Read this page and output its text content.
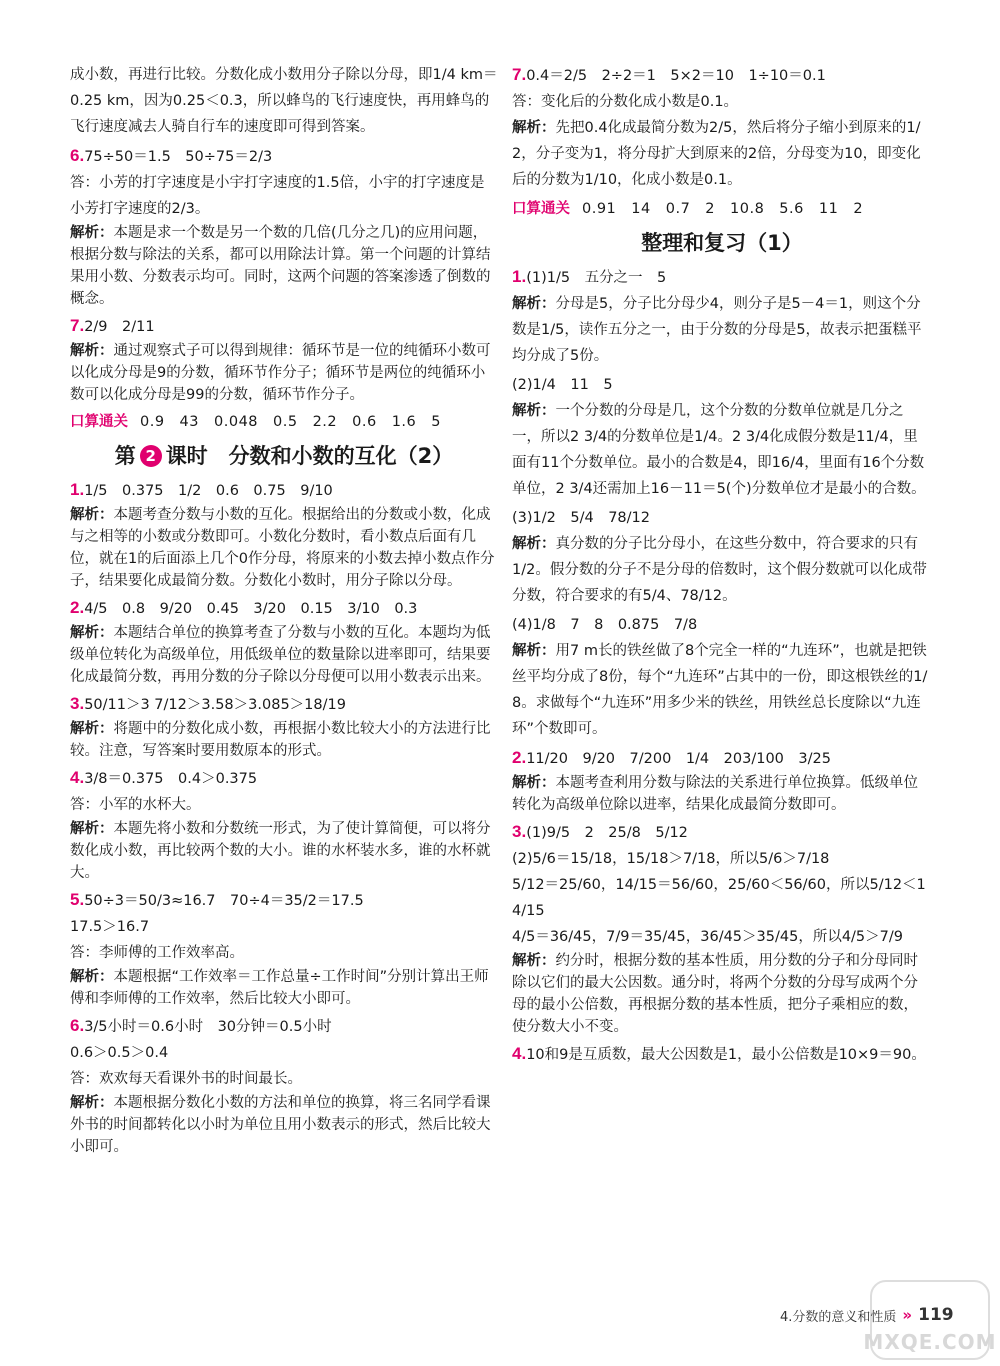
成小数，再进行比较。分数化成小数用分子除以分母，即1/4 km＝0.25 km，因为0.25＜0.3，所以蜂鸟的飞行速度快，再用蜂鸟的飞行速度减去人骑自行车的速度即可得到答案。

6.75÷50＝1.5　50÷75＝2/3

答：小芳的打字速度是小宇打字速度的1.5倍，小宇的打字速度是小芳打字速度的2/3。

解析：本题是求一个数是另一个数的几倍(几分之几)的应用问题，根据分数与除法的关系，都可以用除法计算。第一个问题的计算结果用小数、分数表示均可。同时，这两个问题的答案渗透了倒数的概念。

7.2/9　2/11

解析：通过观察式子可以得到规律：循环节是一位的纯循环小数可以化成分母是9的分数，循环节作分子；循环节是两位的纯循环小数可以化成分母是99的分数，循环节作分子。

口算通关 0.9　43　0.048　0.5　2.2　0.6　1.6　5
第 2 课时　分数和小数的互化（2）

1.1/5　0.375　1/2　0.6　0.75　9/10

解析：本题考查分数与小数的互化。根据给出的分数或小数，化成与之相等的小数或分数即可。小数化分数时，看小数点后面有几位，就在1的后面添上几个0作分母，将原来的小数去掉小数点作分子，结果要化成最简分数。分数化小数时，用分子除以分母。

2.4/5　0.8　9/20　0.45　3/20　0.15　3/10　0.3

解析：本题结合单位的换算考查了分数与小数的互化。本题均为低级单位转化为高级单位，用低级单位的数量除以进率即可，结果要化成最简分数，再用分数的分子除以分母便可以用小数表示出来。

3.50/11＞3 7/12＞3.58＞3.085＞18/19

解析：将题中的分数化成小数，再根据小数比较大小的方法进行比较。注意，写答案时要用数原本的形式。

4.3/8＝0.375　0.4＞0.375

答：小军的水杯大。

解析：本题先将小数和分数统一形式，为了使计算简便，可以将分数化成小数，再比较两个数的大小。谁的水杯装水多，谁的水杯就大。

5.50÷3＝50/3≈16.7　70÷4＝35/2＝17.5

17.5＞16.7

答：李师傅的工作效率高。

解析：本题根据“工作效率＝工作总量÷工作时间”分别计算出王师傅和李师傅的工作效率，然后比较大小即可。

6.3/5小时＝0.6小时　30分钟＝0.5小时

0.6＞0.5＞0.4

答：欢欢每天看课外书的时间最长。

解析：本题根据分数化小数的方法和单位的换算，将三名同学看课外书的时间都转化以小时为单位且用小数表示的形式，然后比较大小即可。

7.0.4＝2/5　2÷2＝1　5×2＝10　1÷10＝0.1

答：变化后的分数化成小数是0.1。

解析：先把0.4化成最简分数为2/5，然后将分子缩小到原来的1/2，分子变为1，将分母扩大到原来的2倍，分母变为10，即变化后的分数为1/10，化成小数是0.1。

口算通关 0.91　14　0.7　2　10.8　5.6　11　2
整理和复习（1）

1.(1)1/5　五分之一　5

解析：分母是5，分子比分母少4，则分子是5－4＝1，则这个分数是1/5，读作五分之一，由于分数的分母是5，故表示把蛋糕平均分成了5份。

(2)1/4　11　5

解析：一个分数的分母是几，这个分数的分数单位就是几分之一，所以2 3/4的分数单位是1/4。2 3/4化成假分数是11/4，里面有11个分数单位。最小的合数是4，即16/4，里面有16个分数单位，2 3/4还需加上16－11＝5(个)分数单位才是最小的合数。

(3)1/2　5/4　78/12

解析：真分数的分子比分母小，在这些分数中，符合要求的只有1/2。假分数的分子不是分母的倍数时，这个假分数就可以化成带分数，符合要求的有5/4、78/12。

(4)1/8　7　8　0.875　7/8

解析：用7 m长的铁丝做了8个完全一样的“九连环”，也就是把铁丝平均分成了8份，每个“九连环”占其中的一份，即这根铁丝的1/8。求做每个“九连环”用多少米的铁丝，用铁丝总长度除以“九连环”个数即可。

2.11/20　9/20　7/200　1/4　203/100　3/25

解析：本题考查利用分数与除法的关系进行单位换算。低级单位转化为高级单位除以进率，结果化成最简分数即可。

3.(1)9/5　2　25/8　5/12

(2)5/6＝15/18，15/18＞7/18，所以5/6＞7/18

5/12＝25/60，14/15＝56/60，25/60＜56/60，所以5/12＜14/15

4/5＝36/45，7/9＝35/45，36/45＞35/45，所以4/5＞7/9

解析：约分时，根据分数的基本性质，用分数的分子和分母同时除以它们的最大公因数。通分时，将两个分数的分母写成两个分母的最小公倍数，再根据分数的基本性质，把分子乘相应的数，使分数大小不变。

4.10和9是互质数，最大公因数是1，最小公倍数是10×9＝90。

4.分数的意义和性质 » 119
MXQE.COM
